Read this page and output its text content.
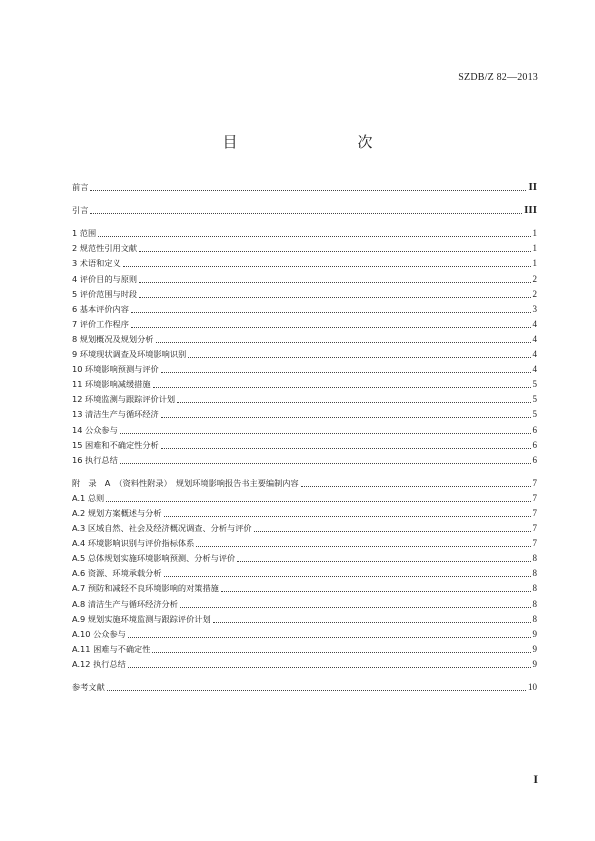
SZDB/Z 82—2013
目　　次
前言	II
引言	III
1 范围	1
2 规范性引用文献	1
3 术语和定义	1
4 评价目的与原则	2
5 评价范围与时段	2
6 基本评价内容	3
7 评价工作程序	4
8 规划概况及规划分析	4
9 环境现状调查及环境影响识别	4
10 环境影响预测与评价	4
11 环境影响减缓措施	5
12 环境监测与跟踪评价计划	5
13 清洁生产与循环经济	5
14 公众参与	6
15 困难和不确定性分析	6
16 执行总结	6
附　录　A　（资料性附录）　规划环境影响报告书主要编制内容	7
A.1 总则	7
A.2 规划方案概述与分析	7
A.3 区域自然、社会及经济概况调查、分析与评价	7
A.4 环境影响识别与评价指标体系	7
A.5 总体规划实施环境影响预测、分析与评价	8
A.6 资源、环境承载分析	8
A.7 预防和减轻不良环境影响的对策措施	8
A.8 清洁生产与循环经济分析	8
A.9 规划实施环境监测与跟踪评价计划	8
A.10 公众参与	9
A.11 困难与不确定性	9
A.12 执行总结	9
参考文献	10
I
